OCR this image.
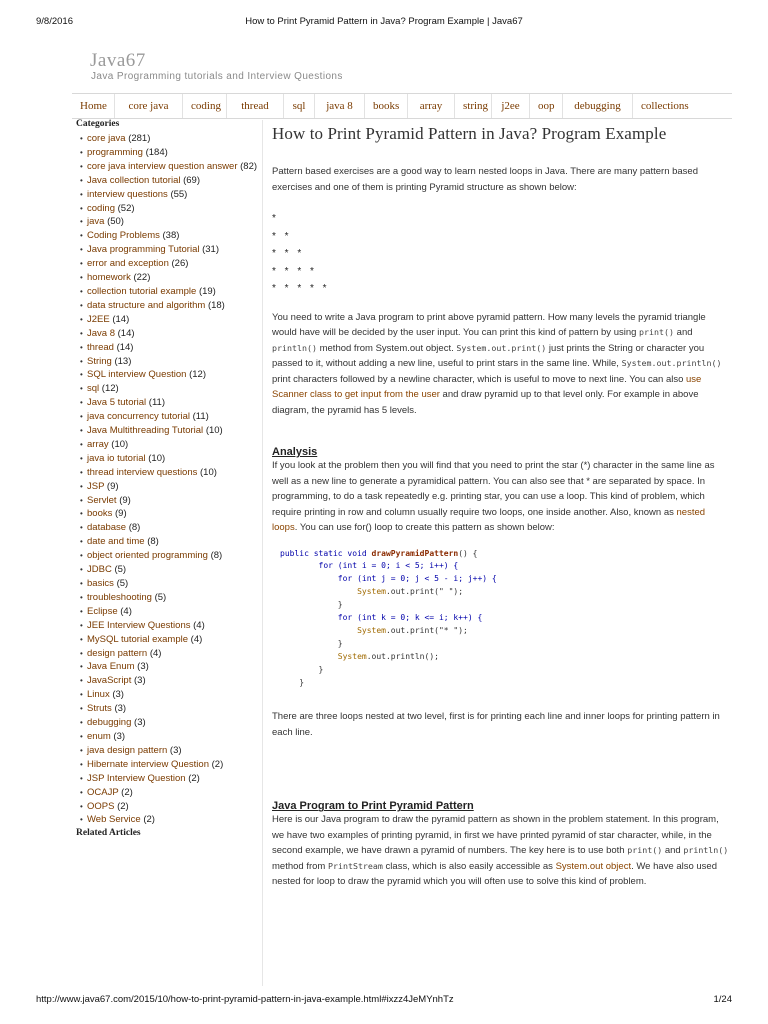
9/8/2016	How to Print Pyramid Pattern in Java? Program Example | Java67
Java67
Java Programming tutorials and Interview Questions
Home	core java	coding	thread	sql	java 8	books	array	string	j2ee	oop	debugging	collections
Categories
• core java (281)
• programming (184)
• core java interview question answer (82)
• Java collection tutorial (69)
• interview questions (55)
• coding (52)
• java (50)
• Coding Problems (38)
• Java programming Tutorial (31)
• error and exception (26)
• homework (22)
• collection tutorial example (19)
• data structure and algorithm (18)
• J2EE (14)
• Java 8 (14)
• thread (14)
• String (13)
• SQL interview Question (12)
• sql (12)
• Java 5 tutorial (11)
• java concurrency tutorial (11)
• Java Multithreading Tutorial (10)
• array (10)
• java io tutorial (10)
• thread interview questions (10)
• JSP (9)
• Servlet (9)
• books (9)
• database (8)
• date and time (8)
• object oriented programming (8)
• JDBC (5)
• basics (5)
• troubleshooting (5)
• Eclipse (4)
• JEE Interview Questions (4)
• MySQL tutorial example (4)
• design pattern (4)
• Java Enum (3)
• JavaScript (3)
• Linux (3)
• Struts (3)
• debugging (3)
• enum (3)
• java design pattern (3)
• Hibernate interview Question (2)
• JSP Interview Question (2)
• OCAJP (2)
• OOPS (2)
• Web Service (2)
Related Articles
How to Print Pyramid Pattern in Java? Program Example

Pattern based exercises are a good way to learn nested loops in Java. There are many pattern based exercises and one of them is printing Pyramid structure as shown below:

*
* *
* * *
* * * *
* * * * *

You need to write a Java program to print above pyramid pattern. How many levels the pyramid triangle would have will be decided by the user input. You can print this kind of pattern by using print() and println() method from System.out object. System.out.print() just prints the String or character you passed to it, without adding a new line, useful to print stars in the same line. While, System.out.println() print characters followed by a newline character, which is useful to move to next line. You can also use Scanner class to get input from the user and draw pyramid up to that level only. For example in above diagram, the pyramid has 5 levels.

Analysis

If you look at the problem then you will find that you need to print the star (*) character in the same line as well as a new line to generate a pyramidical pattern. You can also see that * are separated by space. In programming, to do a task repeatedly e.g. printing star, you can use a loop. This kind of problem, which require printing in row and column usually require two loops, one inside another. Also, known as nested loops. You can use for() loop to create this pattern as shown below:

public static void drawPyramidPattern() {
for (int i = 0; i < 5; i++) {
for (int j = 0; j < 5 - i; j++) {
System.out.print(" ");
}
for (int k = 0; k <= i; k++) {
System.out.print("* ");
}
System.out.println();
}
}

There are three loops nested at two level, first is for printing each line and inner loops for printing pattern in each line.

Java Program to Print Pyramid Pattern

Here is our Java program to draw the pyramid pattern as shown in the problem statement. In this program, we have two examples of printing pyramid, in first we have printed pyramid of star character, while, in the second example, we have drawn a pyramid of numbers. The key here is to use both print() and println() method from PrintStream class, which is also easily accessible as System.out object. We have also used nested for loop to draw the pyramid which you will often use to solve this kind of problem.

http://www.java67.com/2015/10/how-to-print-pyramid-pattern-in-java-example.html#ixzz4JeMYnhTz	1/24
